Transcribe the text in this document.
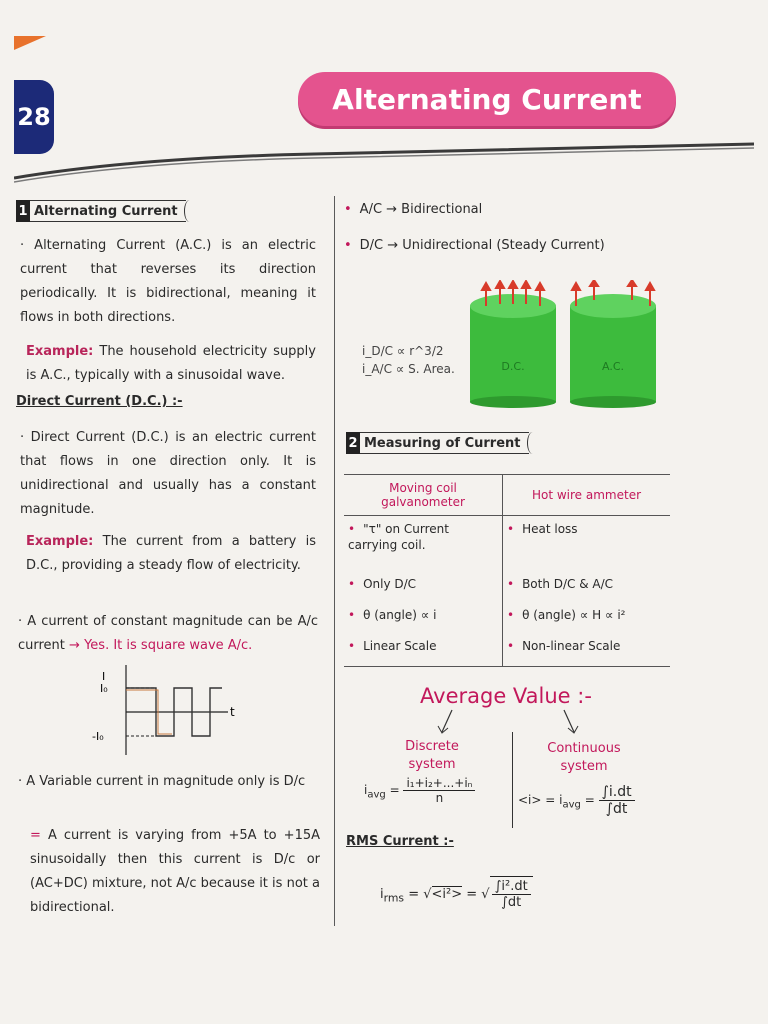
28
Alternating Current
1 Alternating Current

· Alternating Current (A.C.) is an electric current that reverses its direction periodically. It is bidirectional, meaning it flows in both directions.

Example: The household electricity supply is A.C., typically with a sinusoidal wave.

Direct Current (D.C.) :-

· Direct Current (D.C.) is an electric current that flows in one direction only. It is unidirectional and usually has a constant magnitude.

Example: The current from a battery is D.C., providing a steady flow of electricity.

· A current of constant magnitude can be A/c current → Yes. It is square wave A/c.

I
t
I₀
-I₀

· A Variable current in magnitude only is D/c

= A current is varying from +5A to +15A sinusoidally then this current is D/c or (AC+DC) mixture, not A/c because it is not a bidirectional.

• A/C → Bidirectional
• D/C → Unidirectional (Steady Current)
i_D/C ∝ r^3/2
i_A/C ∝ S. Area.	D.C.	A.C.
2 Measuring of Current
Moving coil galvanometer	Hot wire ammeter
• "τ" on Current carrying coil.	• Heat loss
• Only D/C	• Both D/C & A/C
• θ (angle) ∝ i	• θ (angle) ∝ H ∝ i²
• Linear Scale	• Non-linear Scale
Average Value :-
Discrete system
Continuous system
$i_{avg} = \frac{\text{i₁+i₂+...+iₙ}}{n}$	$<i> = i_{avg} = \frac{\int i.dt}{\int dt}$
RMS Current :-
$i_{rms} = √<i^2>$ = √ $\frac{\text{∫i².dt}}{\int dt}$
